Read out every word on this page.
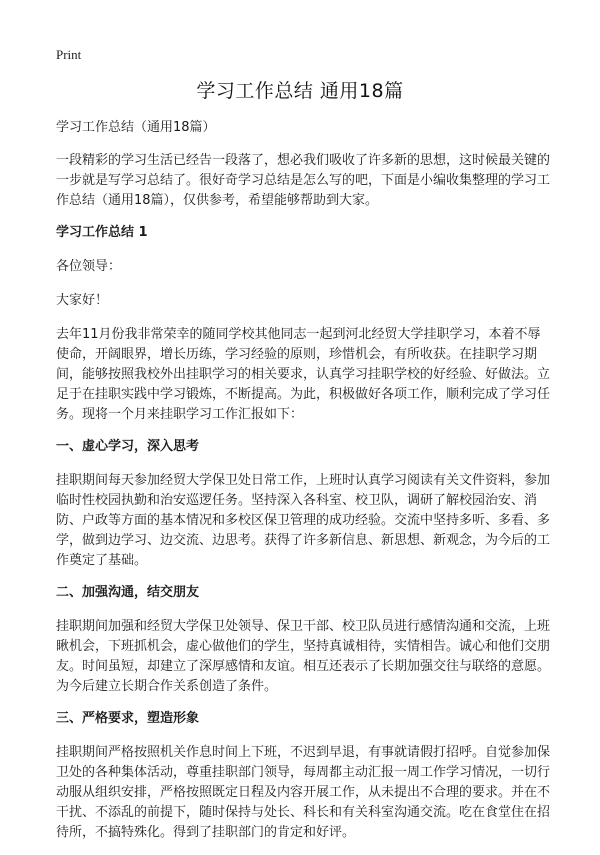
Print
学习工作总结 通用18篇

学习工作总结（通用18篇）

一段精彩的学习生活已经告一段落了，想必我们吸收了许多新的思想，这时候最关键的一步就是写学习总结了。很好奇学习总结是怎么写的吧，下面是小编收集整理的学习工作总结（通用18篇），仅供参考，希望能够帮助到大家。

学习工作总结 1

各位领导：

大家好！

去年11月份我非常荣幸的随同学校其他同志一起到河北经贸大学挂职学习，本着不辱使命，开阔眼界，增长历练，学习经验的原则，珍惜机会，有所收获。在挂职学习期间，能够按照我校外出挂职学习的相关要求，认真学习挂职学校的好经验、好做法。立足于在挂职实践中学习锻炼，不断提高。为此，积极做好各项工作，顺利完成了学习任务。现将一个月来挂职学习工作汇报如下：

一、虚心学习，深入思考

挂职期间每天参加经贸大学保卫处日常工作，上班时认真学习阅读有关文件资料，参加临时性校园执勤和治安巡逻任务。坚持深入各科室、校卫队，调研了解校园治安、消防、户政等方面的基本情况和多校区保卫管理的成功经验。交流中坚持多听、多看、多学，做到边学习、边交流、边思考。获得了许多新信息、新思想、新观念，为今后的工作奠定了基础。

二、加强沟通，结交朋友

挂职期间加强和经贸大学保卫处领导、保卫干部、校卫队员进行感情沟通和交流，上班瞅机会，下班抓机会，虚心做他们的学生，坚持真诚相待，实情相告。诚心和他们交朋友。时间虽短，却建立了深厚感情和友谊。相互还表示了长期加强交往与联络的意愿。为今后建立长期合作关系创造了条件。

三、严格要求，塑造形象

挂职期间严格按照机关作息时间上下班，不迟到早退，有事就请假打招呼。自觉参加保卫处的各种集体活动，尊重挂职部门领导，每周都主动汇报一周工作学习情况，一切行动服从组织安排，严格按照既定日程及内容开展工作，从未提出不合理的要求。并在不干扰、不添乱的前提下，随时保持与处长、科长和有关科室沟通交流。吃在食堂住在招待所，不搞特殊化。得到了挂职部门的肯定和好评。
